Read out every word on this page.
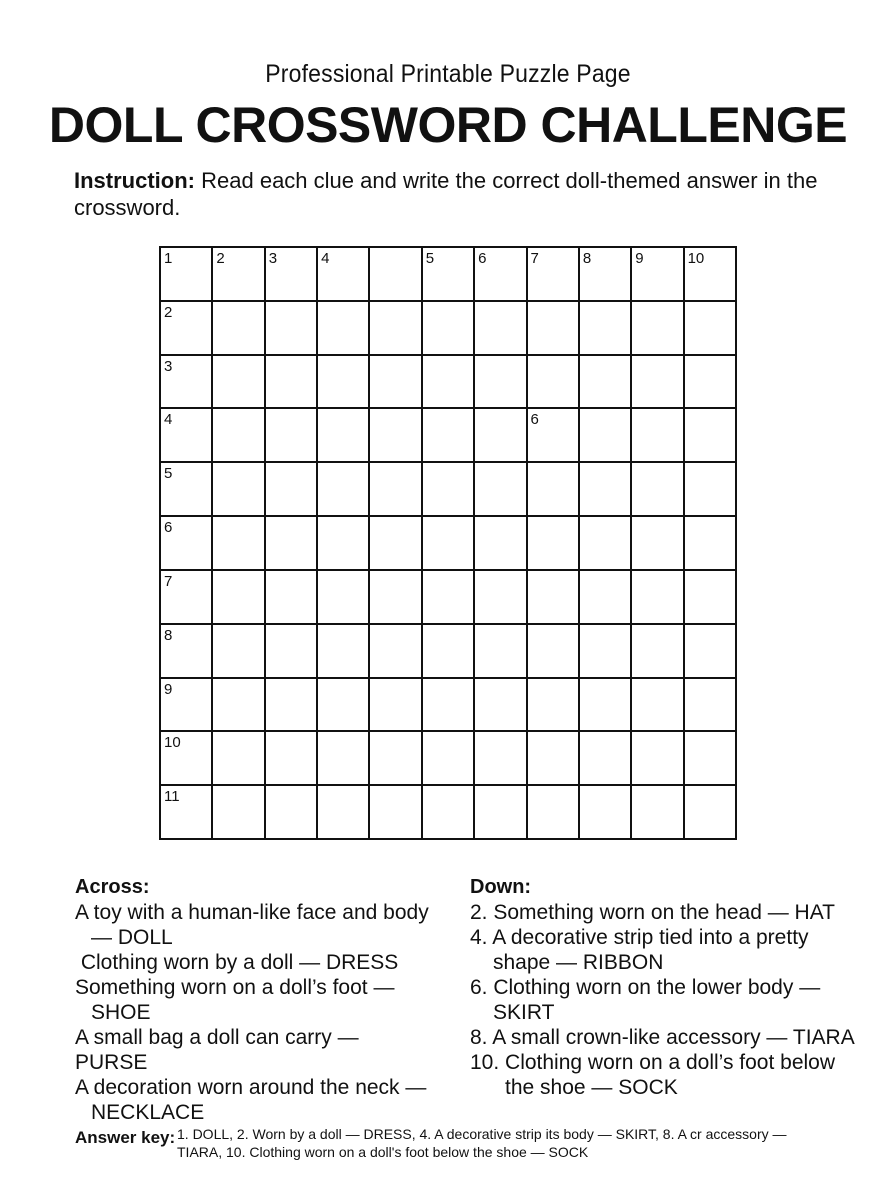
Professional Printable Puzzle Page
DOLL CROSSWORD CHALLENGE
Instruction: Read each clue and write the correct doll-themed answer in the crossword.
1	2	3	4		5	6	7	8	9	10

2										

3										

4							6			

5										

6										

7										

8										

9										

10										

11										

Across:

A toy with a human-like face and body
— DOLL

Clothing worn by a doll — DRESS

Something worn on a doll’s foot —
SHOE

A small bag a doll can carry — PURSE

A decoration worn around the neck —
NECKLACE

Down:

2. Something worn on the head — HAT

4. A decorative strip tied into a pretty
shape — RIBBON

6. Clothing worn on the lower body —
SKIRT

8. A small crown-like accessory — TIARA

10. Clothing worn on a doll’s foot below
the shoe — SOCK

Answer key: 1. DOLL, 2. Worn by a doll — DRESS, 4. A decorative strip its body — SKIRT, 8. A cr accessory — TIARA, 10. Clothing worn on a doll's foot below the shoe — SOCK
